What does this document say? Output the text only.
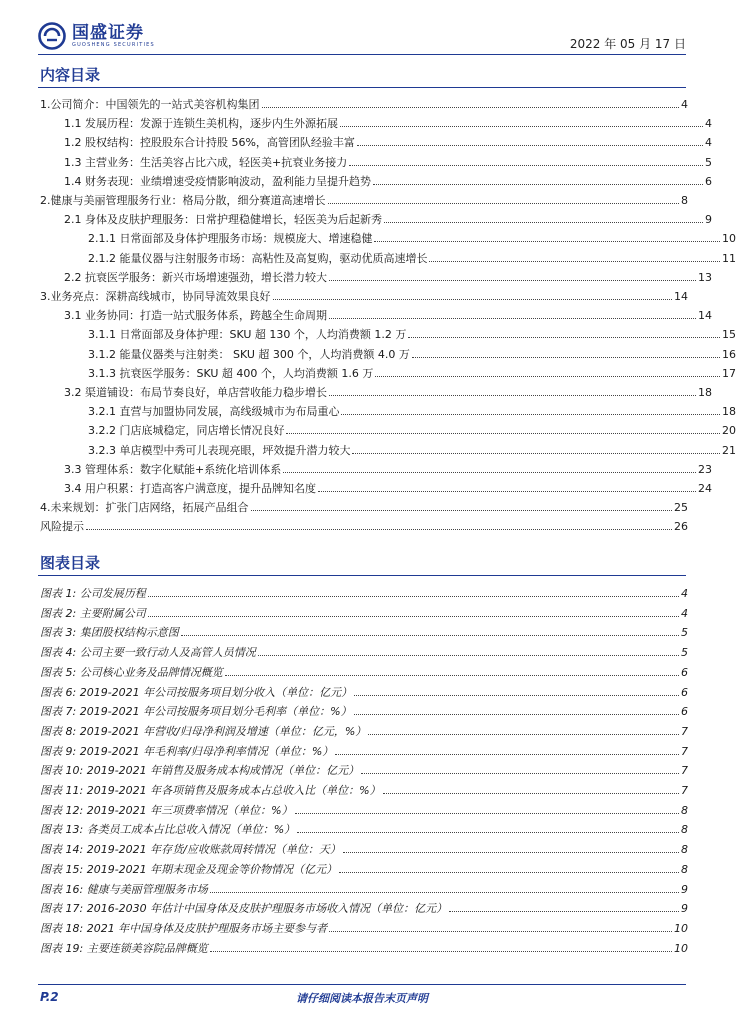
国盛证券
GUOSHENG SECURITIES	2022 年 05 月 17 日
内容目录
1.公司简介：中国领先的一站式美容机构集团	4
1.1 发展历程：发源于连锁生美机构，逐步内生外源拓展	4
1.2 股权结构：控股股东合计持股 56%，高管团队经验丰富	4
1.3 主营业务：生活美容占比六成，轻医美+抗衰业务接力	5
1.4 财务表现：业绩增速受疫情影响波动，盈利能力呈提升趋势	6
2.健康与美丽管理服务行业：格局分散，细分赛道高速增长	8
2.1 身体及皮肤护理服务：日常护理稳健增长，轻医美为后起新秀	9
2.1.1 日常面部及身体护理服务市场：规模庞大、增速稳健	10
2.1.2 能量仪器与注射服务市场：高粘性及高复购，驱动优质高速增长	11
2.2 抗衰医学服务：新兴市场增速强劲，增长潜力较大	13
3.业务亮点：深耕高线城市，协同导流效果良好	14
3.1 业务协同：打造一站式服务体系，跨越全生命周期	14
3.1.1 日常面部及身体护理：SKU 超 130 个，人均消费额 1.2 万	15
3.1.2 能量仪器类与注射类： SKU 超 300 个，人均消费额 4.0 万	16
3.1.3 抗衰医学服务：SKU 超 400 个，人均消费额 1.6 万	17
3.2 渠道铺设：布局节奏良好，单店营收能力稳步增长	18
3.2.1 直营与加盟协同发展，高线级城市为布局重心	18
3.2.2 门店底城稳定，同店增长情况良好	20
3.2.3 单店模型中秀可儿表现亮眼，坪效提升潜力较大	21
3.3 管理体系：数字化赋能+系统化培训体系	23
3.4 用户积累：打造高客户满意度，提升品牌知名度	24
4.未来规划：扩张门店网络，拓展产品组合	25
风险提示	26
图表目录
图表 1: 公司发展历程	4
图表 2: 主要附属公司	4
图表 3: 集团股权结构示意图	5
图表 4: 公司主要一致行动人及高管人员情况	5
图表 5: 公司核心业务及品牌情况概览	6
图表 6: 2019-2021 年公司按服务项目划分收入（单位：亿元）	6
图表 7: 2019-2021 年公司按服务项目划分毛利率（单位：%）	6
图表 8: 2019-2021 年营收/归母净利润及增速（单位：亿元，%）	7
图表 9: 2019-2021 年毛利率/归母净利率情况（单位：%）	7
图表 10: 2019-2021 年销售及服务成本构成情况（单位：亿元）	7
图表 11: 2019-2021 年各项销售及服务成本占总收入比（单位：%）	7
图表 12: 2019-2021 年三项费率情况（单位：%）	8
图表 13: 各类员工成本占比总收入情况（单位：%）	8
图表 14: 2019-2021 年存货/应收账款周转情况（单位：天）	8
图表 15: 2019-2021 年期末现金及现金等价物情况（亿元）	8
图表 16: 健康与美丽管理服务市场	9
图表 17: 2016-2030 年估计中国身体及皮肤护理服务市场收入情况（单位：亿元）	9
图表 18: 2021 年中国身体及皮肤护理服务市场主要参与者	10
图表 19: 主要连锁美容院品牌概览	10
P.2	请仔细阅读本报告末页声明
